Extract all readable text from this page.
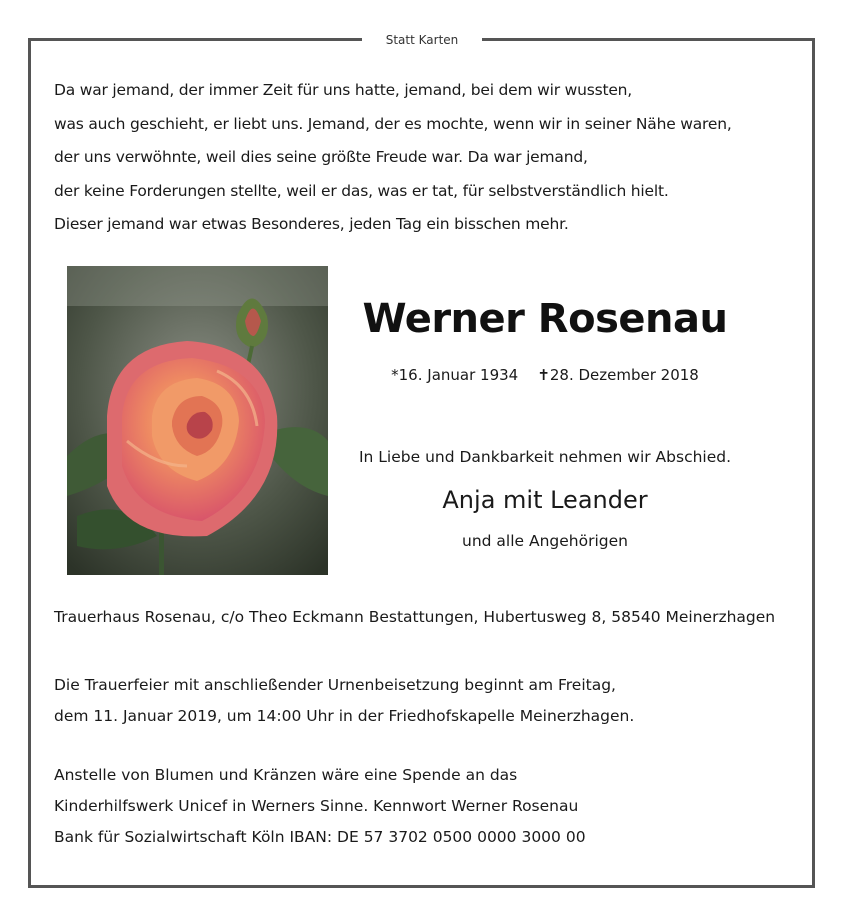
Statt Karten
Da war jemand, der immer Zeit für uns hatte, jemand, bei dem wir wussten,
was auch geschieht, er liebt uns. Jemand, der es mochte, wenn wir in seiner Nähe waren,
der uns verwöhnte, weil dies seine größte Freude war. Da war jemand,
der keine Forderungen stellte, weil er das, was er tat, für selbstverständlich hielt.
Dieser jemand war etwas Besonderes, jeden Tag ein bisschen mehr.
Werner Rosenau
*16. Januar 1934 ✝28. Dezember 2018
In Liebe und Dankbarkeit nehmen wir Abschied.
Anja mit Leander
und alle Angehörigen
Trauerhaus Rosenau, c/o Theo Eckmann Bestattungen, Hubertusweg 8, 58540 Meinerzhagen
Die Trauerfeier mit anschließender Urnenbeisetzung beginnt am Freitag,
dem 11. Januar 2019, um 14:00 Uhr in der Friedhofskapelle Meinerzhagen.
Anstelle von Blumen und Kränzen wäre eine Spende an das
Kinderhilfswerk Unicef in Werners Sinne. Kennwort Werner Rosenau
Bank für Sozialwirtschaft Köln IBAN: DE 57 3702 0500 0000 3000 00
